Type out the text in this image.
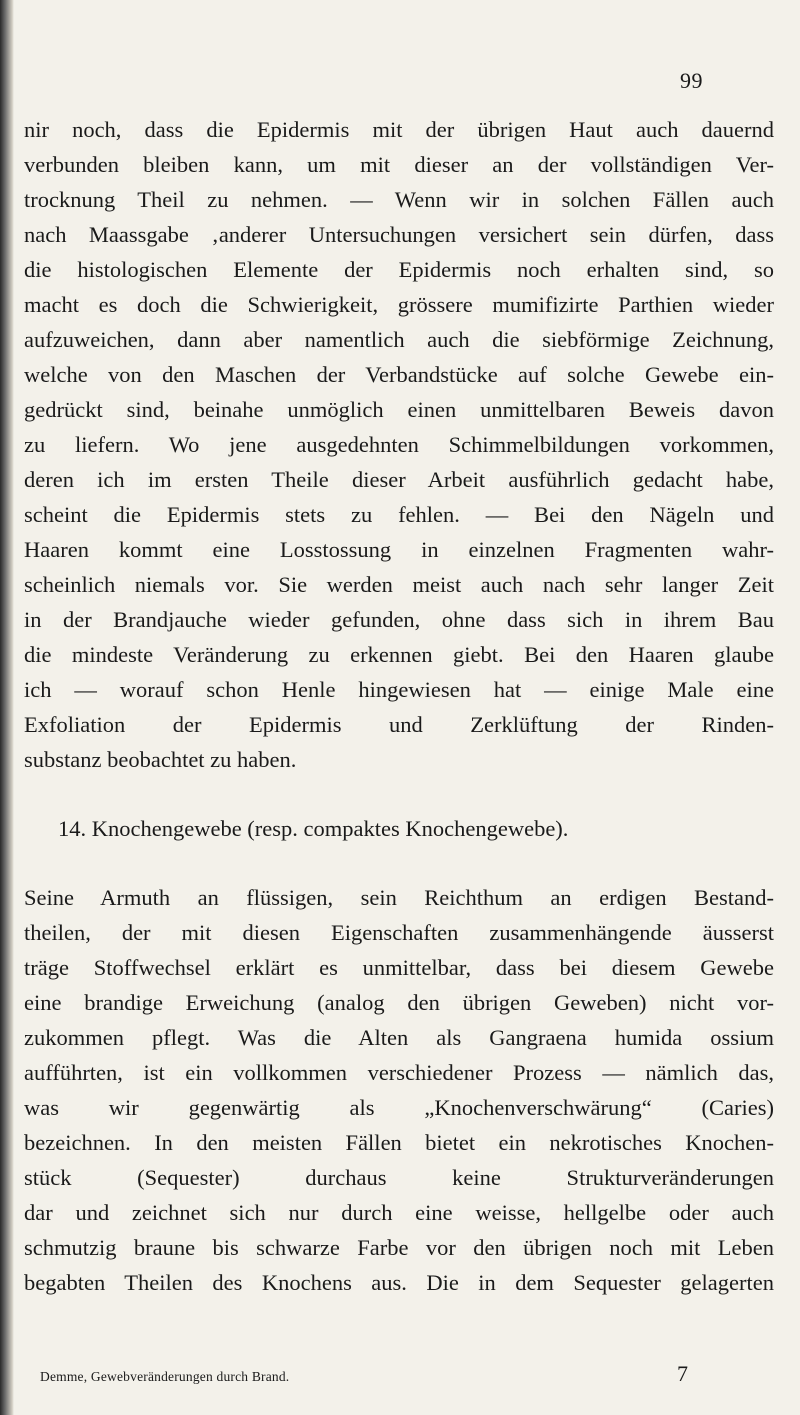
99
nir noch, dass die Epidermis mit der übrigen Haut auch dauernd
verbunden bleiben kann, um mit dieser an der vollständigen Ver-
trocknung Theil zu nehmen. — Wenn wir in solchen Fällen auch
nach Maassgabe ‚anderer Untersuchungen versichert sein dürfen, dass
die histologischen Elemente der Epidermis noch erhalten sind, so
macht es doch die Schwierigkeit, grössere mumifizirte Parthien wieder
aufzuweichen, dann aber namentlich auch die siebförmige Zeichnung,
welche von den Maschen der Verbandstücke auf solche Gewebe ein-
gedrückt sind, beinahe unmöglich einen unmittelbaren Beweis davon
zu liefern. Wo jene ausgedehnten Schimmelbildungen vorkommen,
deren ich im ersten Theile dieser Arbeit ausführlich gedacht habe,
scheint die Epidermis stets zu fehlen. — Bei den Nägeln und
Haaren kommt eine Losstossung in einzelnen Fragmenten wahr-
scheinlich niemals vor. Sie werden meist auch nach sehr langer Zeit
in der Brandjauche wieder gefunden, ohne dass sich in ihrem Bau
die mindeste Veränderung zu erkennen giebt. Bei den Haaren glaube
ich — worauf schon Henle hingewiesen hat — einige Male eine
Exfoliation der Epidermis und Zerklüftung der Rinden-
substanz beobachtet zu haben.
14. Knochengewebe (resp. compaktes Knochengewebe).
Seine Armuth an flüssigen, sein Reichthum an erdigen Bestand-
theilen, der mit diesen Eigenschaften zusammenhängende äusserst
träge Stoffwechsel erklärt es unmittelbar, dass bei diesem Gewebe
eine brandige Erweichung (analog den übrigen Geweben) nicht vor-
zukommen pflegt. Was die Alten als Gangraena humida ossium
aufführten, ist ein vollkommen verschiedener Prozess — nämlich das,
was wir gegenwärtig als „Knochenverschwärung“ (Caries)
bezeichnen. In den meisten Fällen bietet ein nekrotisches Knochen-
stück (Sequester) durchaus keine Strukturveränderungen
dar und zeichnet sich nur durch eine weisse, hellgelbe oder auch
schmutzig braune bis schwarze Farbe vor den übrigen noch mit Leben
begabten Theilen des Knochens aus. Die in dem Sequester gelagerten
Demme, Gewebveränderungen durch Brand.	7
